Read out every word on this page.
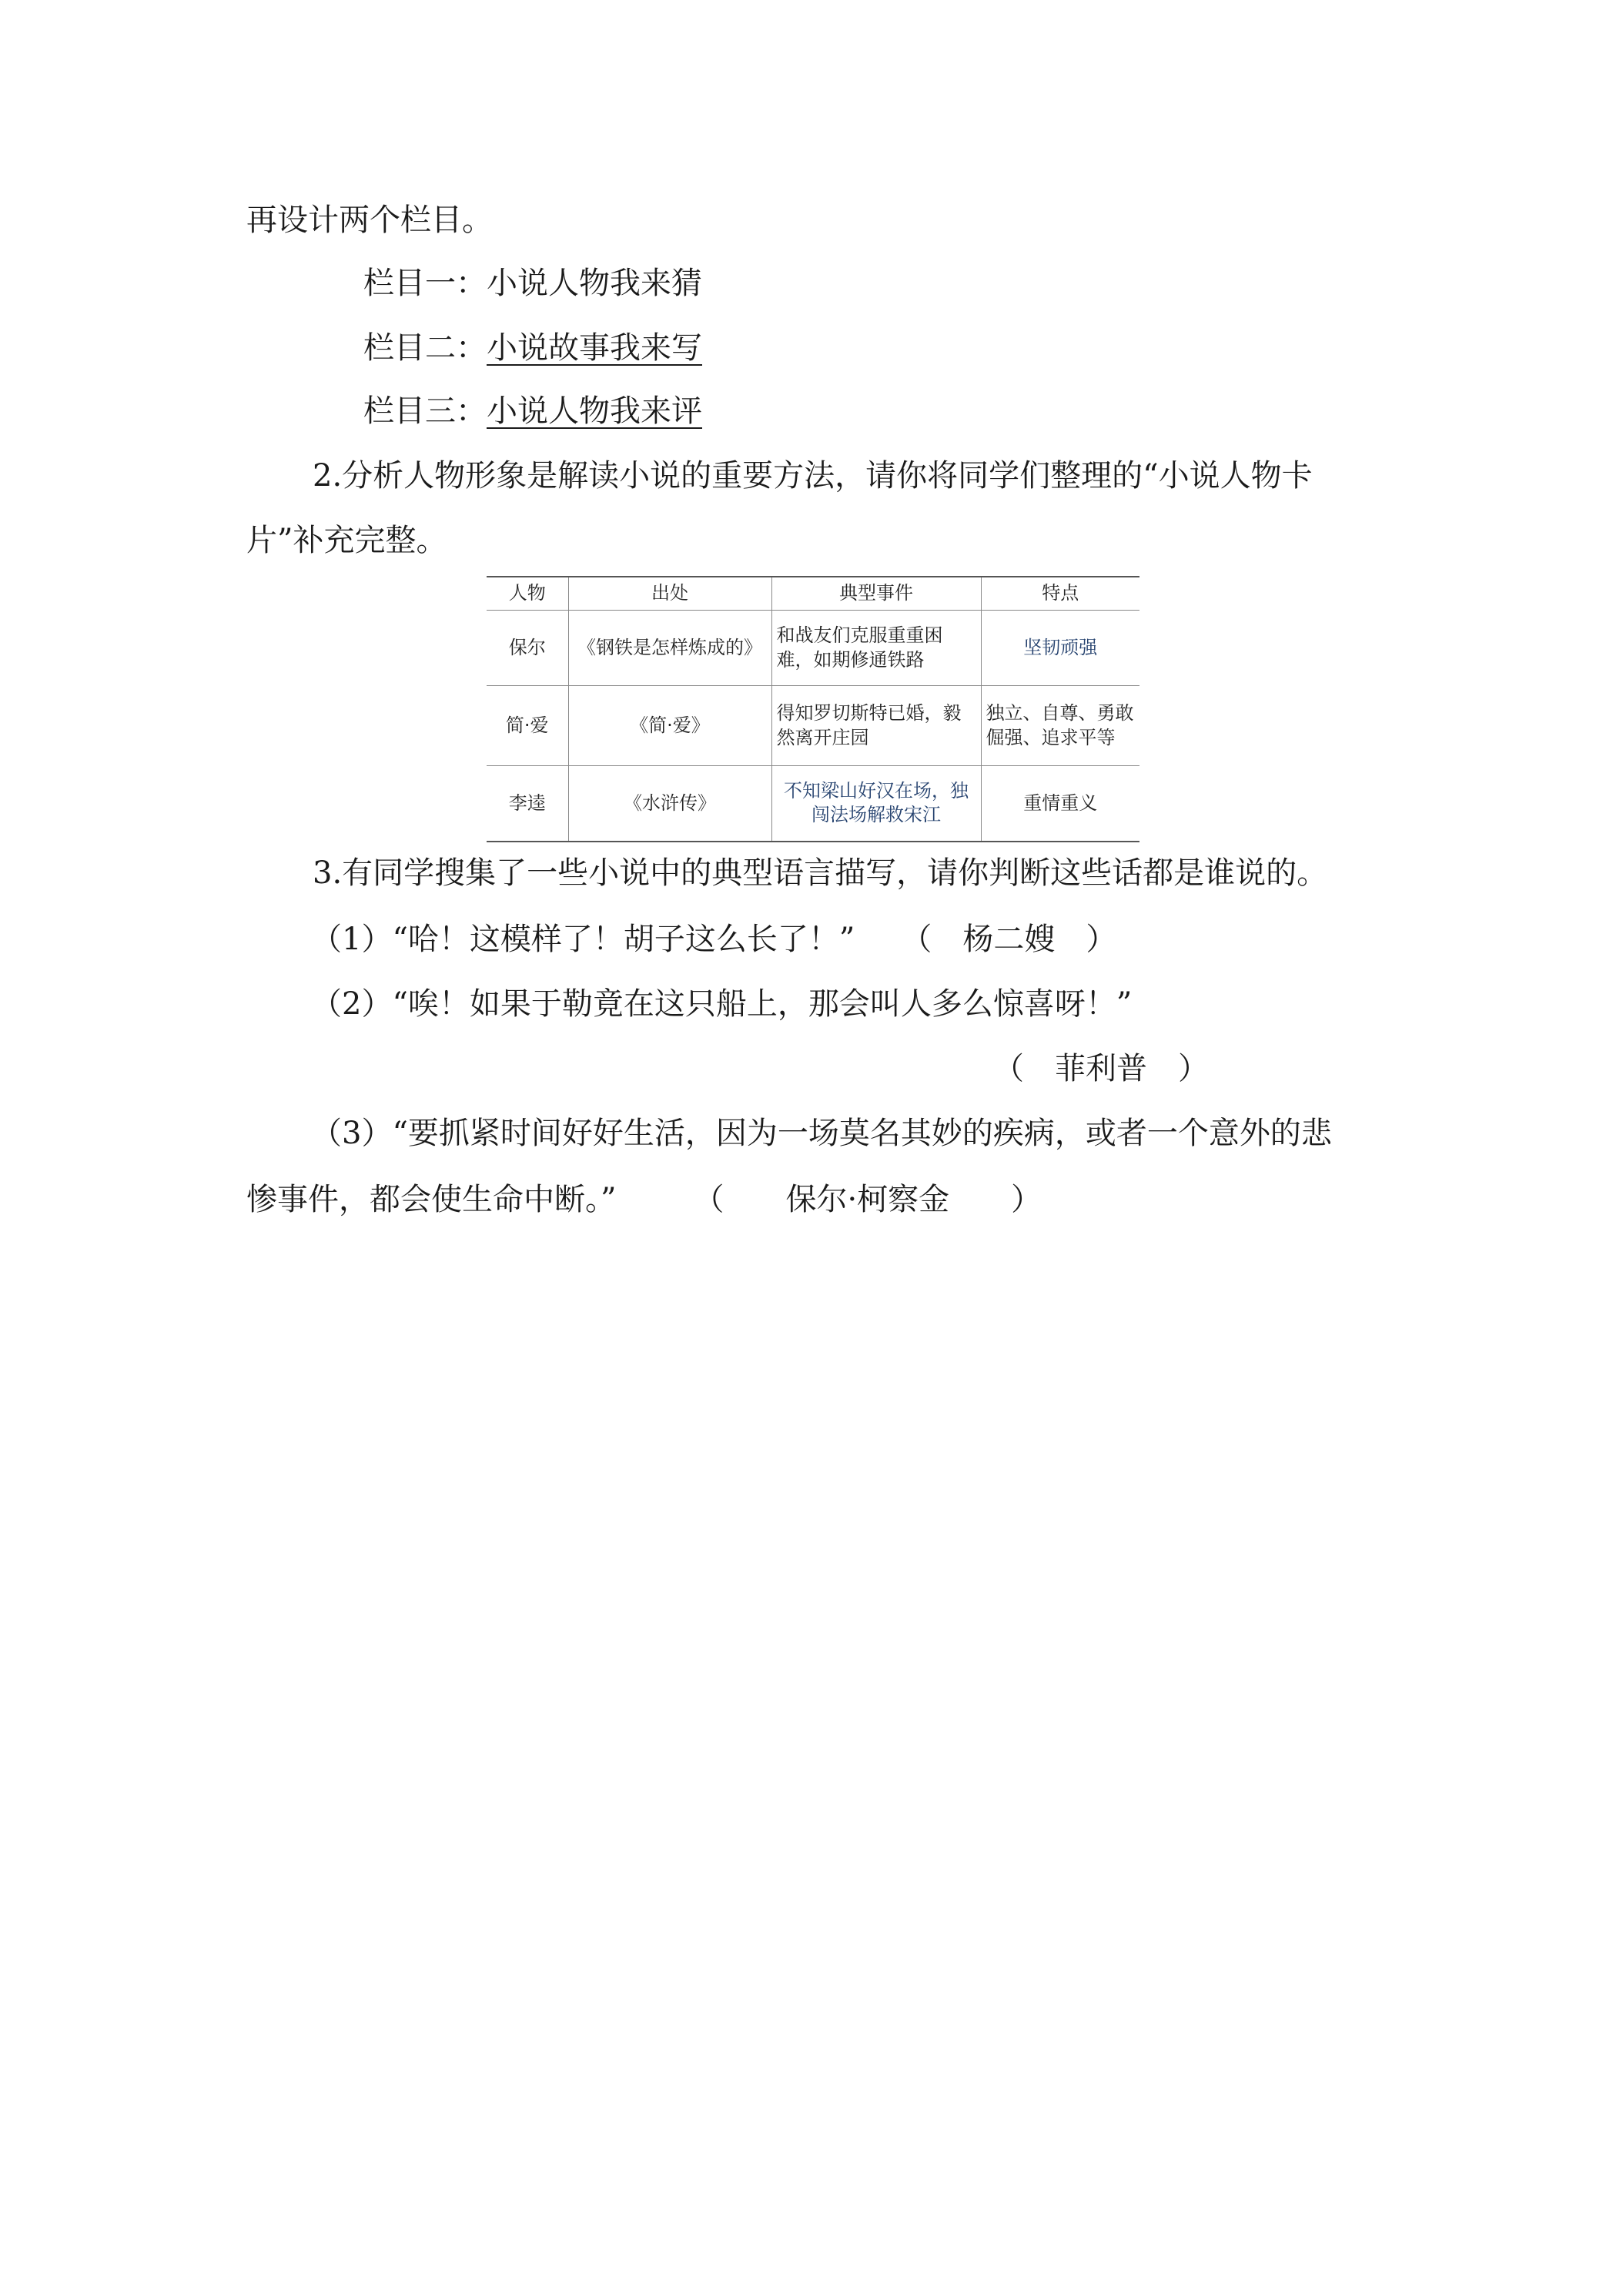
再设计两个栏目。
栏目一：小说人物我来猜
栏目二：小说故事我来写
栏目三：小说人物我来评
2.分析人物形象是解读小说的重要方法，请你将同学们整理的“小说人物卡
片”补充完整。
人物	出处	典型事件	特点
保尔	《钢铁是怎样炼成的》	和战友们克服重重困难，如期修通铁路	坚韧顽强
简·爱	《简·爱》	得知罗切斯特已婚，毅然离开庄园	独立、自尊、勇敢倔强、追求平等
李逵	《水浒传》	不知梁山好汉在场，独闯法场解救宋江	重情重义
3.有同学搜集了一些小说中的典型语言描写，请你判断这些话都是谁说的。
（1）“哈！这模样了！胡子这么长了！” （　杨二嫂　）
（2）“唉！如果于勒竟在这只船上，那会叫人多么惊喜呀！”
（　菲利普　）
（3）“要抓紧时间好好生活，因为一场莫名其妙的疾病，或者一个意外的悲
惨事件，都会使生命中断。”	（　　保尔·柯察金　　）
